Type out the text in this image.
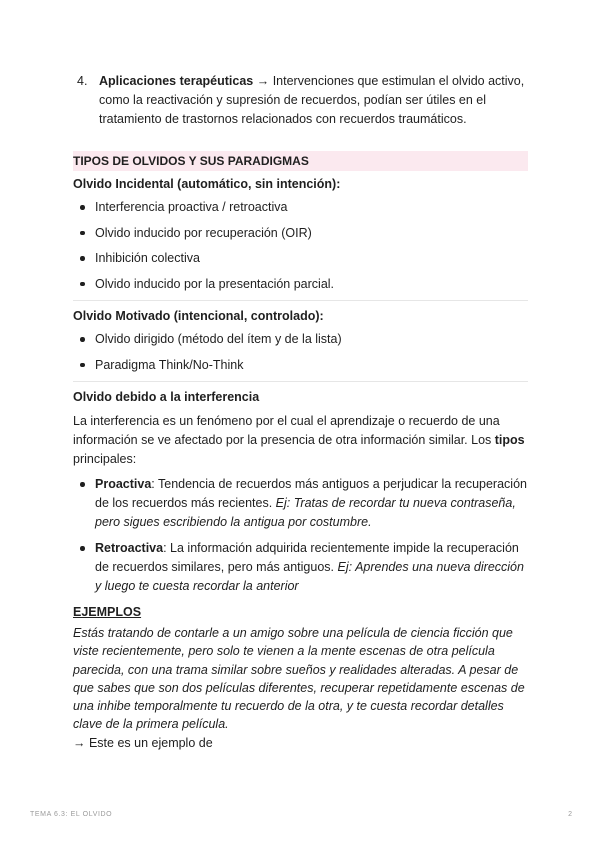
4. Aplicaciones terapéuticas → Intervenciones que estimulan el olvido activo, como la reactivación y supresión de recuerdos, podían ser útiles en el tratamiento de trastornos relacionados con recuerdos traumáticos.
TIPOS DE OLVIDOS Y SUS PARADIGMAS
Olvido Incidental (automático, sin intención):
Interferencia proactiva / retroactiva
Olvido inducido por recuperación (OIR)
Inhibición colectiva
Olvido inducido por la presentación parcial.
Olvido Motivado (intencional, controlado):
Olvido dirigido (método del ítem y de la lista)
Paradigma Think/No-Think
Olvido debido a la interferencia
La interferencia es un fenómeno por el cual el aprendizaje o recuerdo de una información se ve afectado por la presencia de otra información similar. Los tipos principales:
Proactiva: Tendencia de recuerdos más antiguos a perjudicar la recuperación de los recuerdos más recientes. Ej: Tratas de recordar tu nueva contraseña, pero sigues escribiendo la antigua por costumbre.
Retroactiva: La información adquirida recientemente impide la recuperación de recuerdos similares, pero más antiguos. Ej: Aprendes una nueva dirección y luego te cuesta recordar la anterior
EJEMPLOS
Estás tratando de contarle a un amigo sobre una película de ciencia ficción que viste recientemente, pero solo te vienen a la mente escenas de otra película parecida, con una trama similar sobre sueños y realidades alteradas. A pesar de que sabes que son dos películas diferentes, recuperar repetidamente escenas de una inhibe temporalmente tu recuerdo de la otra, y te cuesta recordar detalles clave de la primera película.
→ Este es un ejemplo de
TEMA 6.3: EL OLVIDO	2
